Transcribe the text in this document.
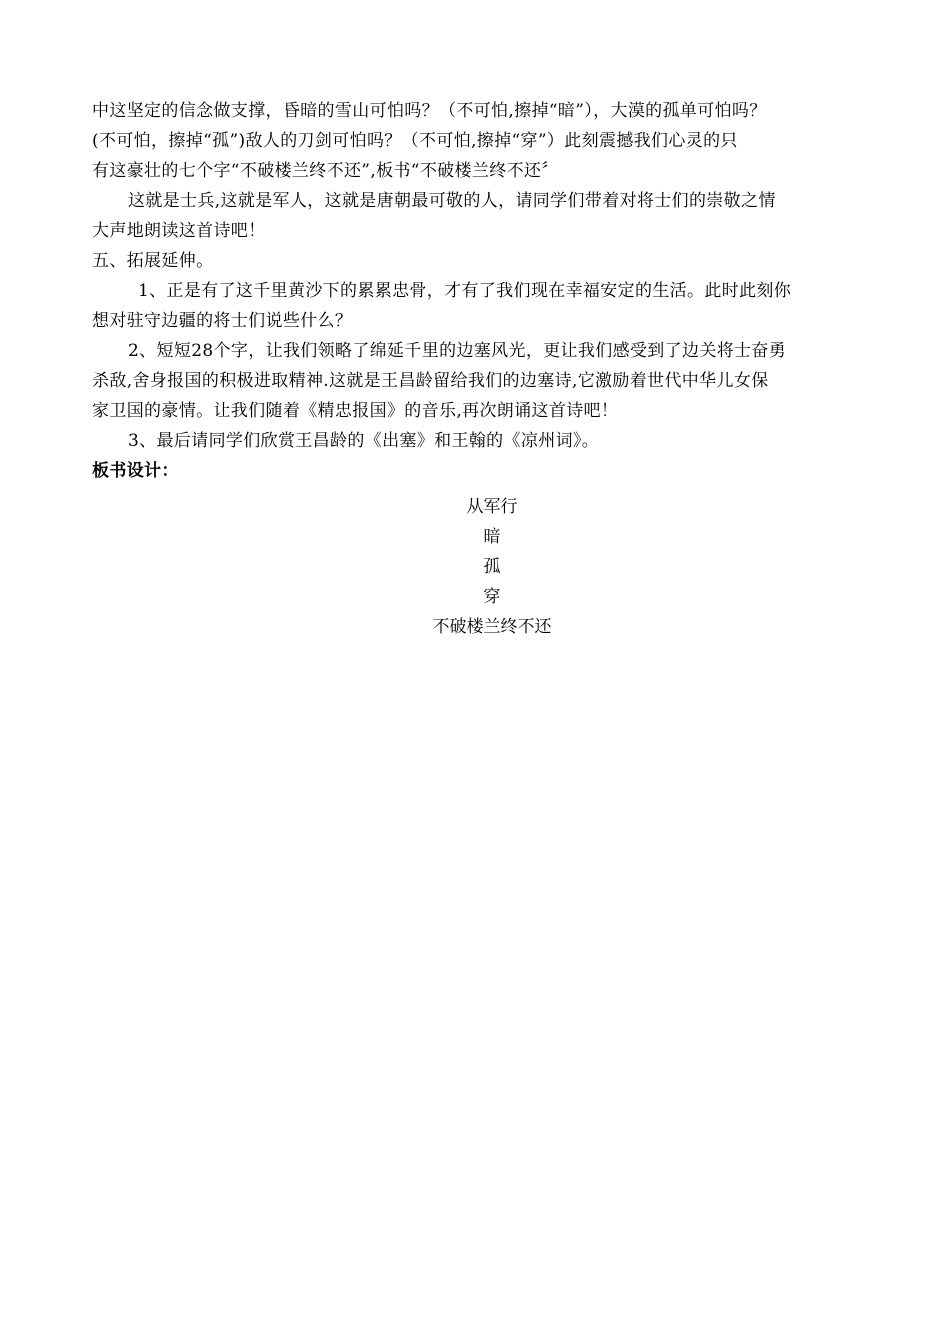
中这坚定的信念做支撑，昏暗的雪山可怕吗？（不可怕,擦掉“暗”），大漠的孤单可怕吗？
(不可怕，擦掉“孤”)敌人的刀剑可怕吗？（不可怕,擦掉“穿”）此刻震撼我们心灵的只
有这豪壮的七个字“不破楼兰终不还”,板书“不破楼兰终不还〞
这就是士兵,这就是军人，这就是唐朝最可敬的人，请同学们带着对将士们的崇敬之情
大声地朗读这首诗吧！
五、拓展延伸。
1、正是有了这千里黄沙下的累累忠骨，才有了我们现在幸福安定的生活。此时此刻你
想对驻守边疆的将士们说些什么？
2、短短28个字，让我们领略了绵延千里的边塞风光，更让我们感受到了边关将士奋勇
杀敌,舍身报国的积极进取精神.这就是王昌龄留给我们的边塞诗,它激励着世代中华儿女保
家卫国的豪情。让我们随着《精忠报国》的音乐,再次朗诵这首诗吧！
3、最后请同学们欣赏王昌龄的《出塞》和王翰的《凉州词》。
板书设计：
从军行
暗
孤
穿
不破楼兰终不还
